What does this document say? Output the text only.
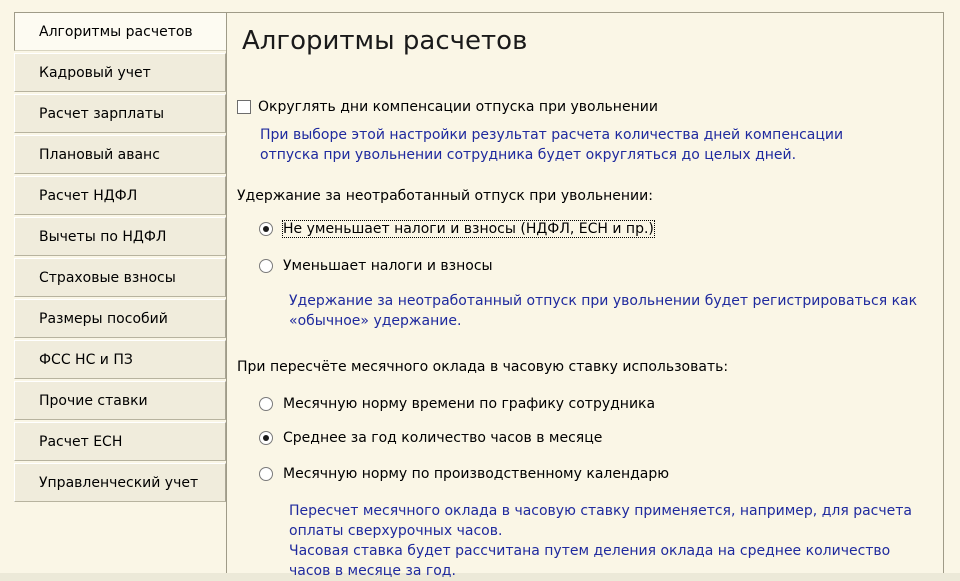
Алгоритмы расчетов
Кадровый учет
Расчет зарплаты
Плановый аванс
Расчет НДФЛ
Вычеты по НДФЛ
Страховые взносы
Размеры пособий
ФСС НС и ПЗ
Прочие ставки
Расчет ЕСН
Управленческий учет
Алгоритмы расчетов
Округлять дни компенсации отпуска при увольнении
При выборе этой настройки результат расчета количества дней компенсации
отпуска при увольнении сотрудника будет округляться до целых дней.
Удержание за неотработанный отпуск при увольнении:
Не уменьшает налоги и взносы (НДФЛ, ЕСН и пр.)
Уменьшает налоги и взносы
Удержание за неотработанный отпуск при увольнении будет регистрироваться как
«обычное» удержание.
При пересчёте месячного оклада в часовую ставку использовать:
Месячную норму времени по графику сотрудника
Среднее за год количество часов в месяце
Месячную норму по производственному календарю
Пересчет месячного оклада в часовую ставку применяется, например, для расчета
оплаты сверхурочных часов.
Часовая ставка будет рассчитана путем деления оклада на среднее количество
часов в месяце за год.
